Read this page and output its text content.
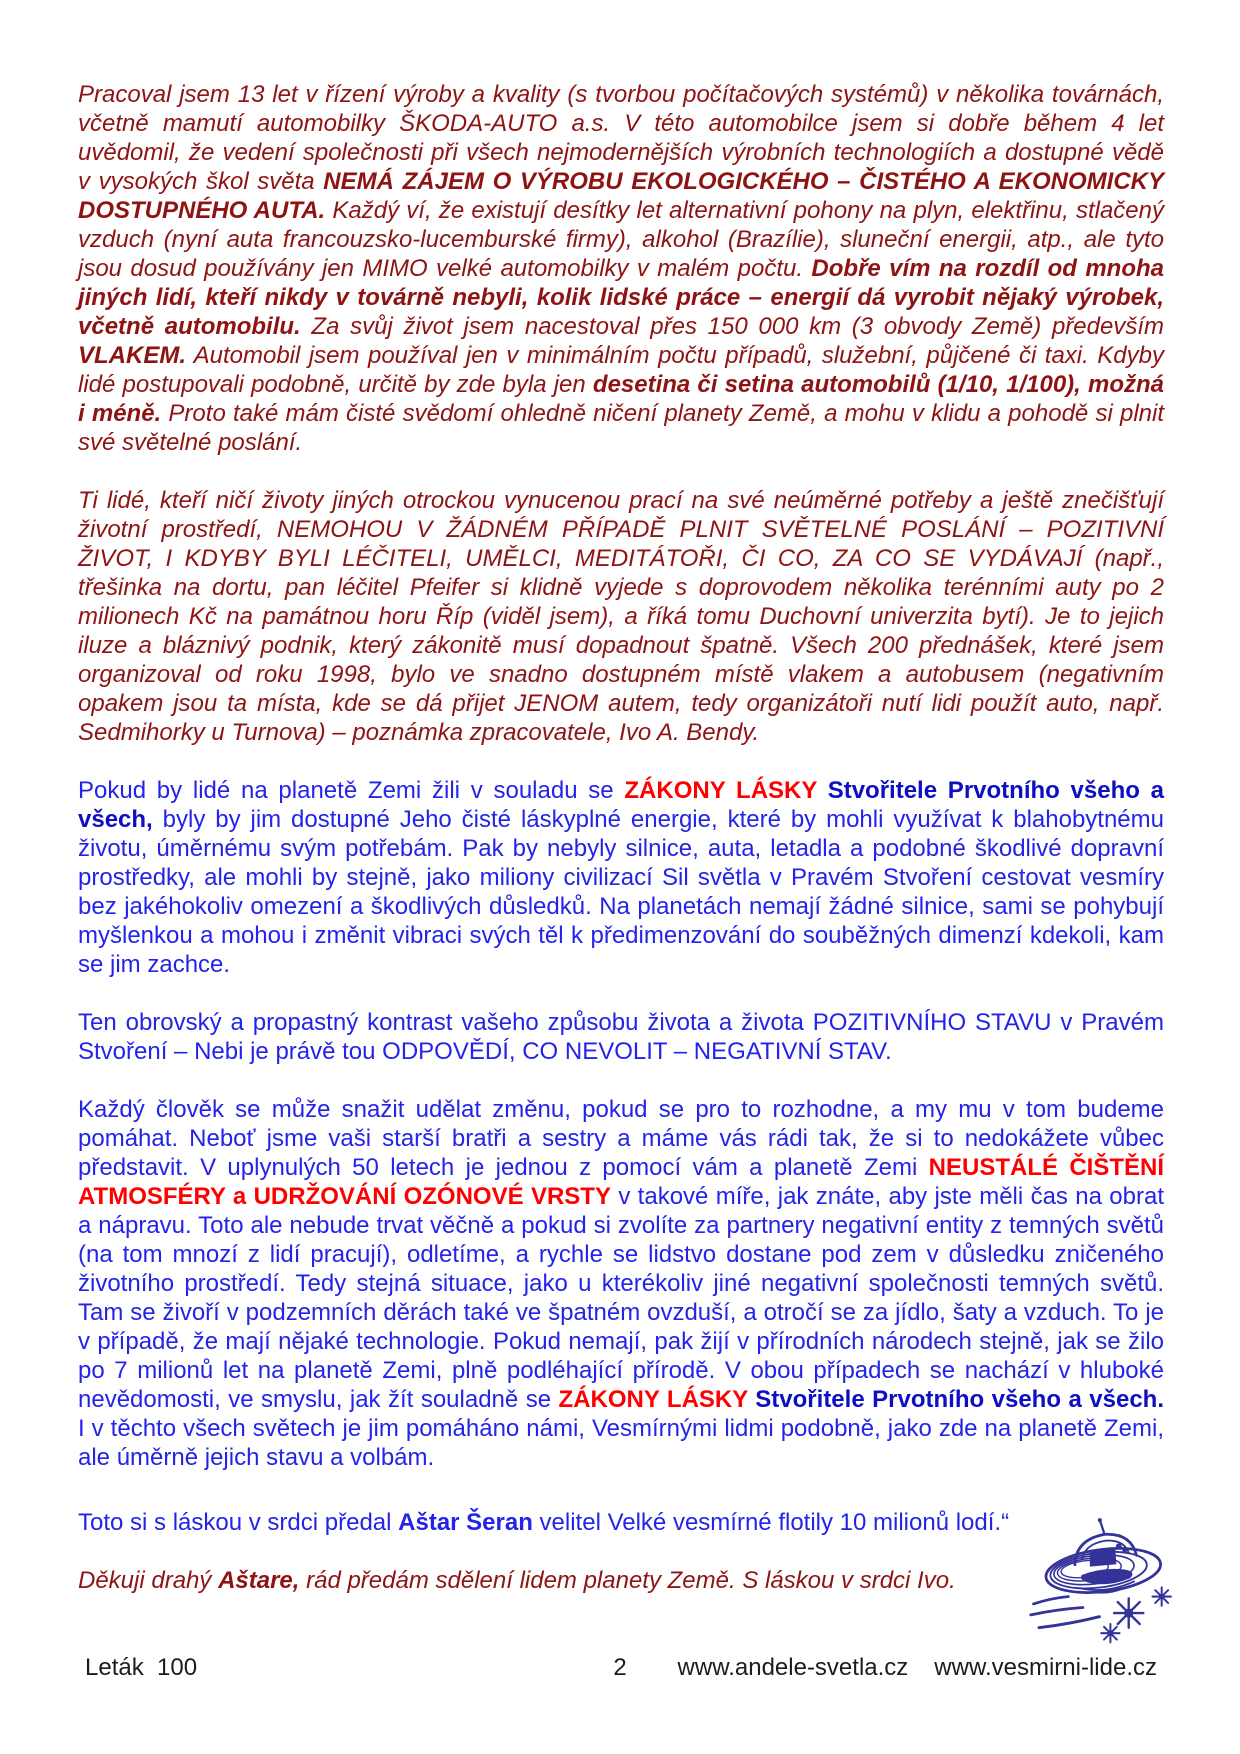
Pracoval jsem 13 let v řízení výroby a kvality (s tvorbou počítačových systémů) v několika továrnách, včetně mamutí automobilky ŠKODA-AUTO a.s. V této automobilce jsem si dobře během 4 let uvědomil, že vedení společnosti při všech nejmodernějších výrobních technologiích a dostupné vědě v vysokých škol světa NEMÁ ZÁJEM O VÝROBU EKOLOGICKÉHO – ČISTÉHO A EKONOMICKY DOSTUPNÉHO AUTA. Každý ví, že existují desítky let alternativní pohony na plyn, elektřinu, stlačený vzduch (nyní auta francouzsko-lucemburské firmy), alkohol (Brazílie), sluneční energii, atp., ale tyto jsou dosud používány jen MIMO velké automobilky v malém počtu. Dobře vím na rozdíl od mnoha jiných lidí, kteří nikdy v továrně nebyli, kolik lidské práce – energií dá vyrobit nějaký výrobek, včetně automobilu. Za svůj život jsem nacestoval přes 150 000 km (3 obvody Země) především VLAKEM. Automobil jsem používal jen v minimálním počtu případů, služební, půjčené či taxi. Kdyby lidé postupovali podobně, určitě by zde byla jen desetina či setina automobilů (1/10, 1/100), možná i méně. Proto také mám čisté svědomí ohledně ničení planety Země, a mohu v klidu a pohodě si plnit své světelné poslání.

Ti lidé, kteří ničí životy jiných otrockou vynucenou prací na své neúměrné potřeby a ještě znečišťují životní prostředí, NEMOHOU V ŽÁDNÉM PŘÍPADĚ PLNIT SVĚTELNÉ POSLÁNÍ – POZITIVNÍ ŽIVOT, I KDYBY BYLI LÉČITELI, UMĚLCI, MEDITÁTOŘI, ČI CO, ZA CO SE VYDÁVAJÍ (např., třešinka na dortu, pan léčitel Pfeifer si klidně vyjede s doprovodem několika terénními auty po 2 milionech Kč na památnou horu Říp (viděl jsem), a říká tomu Duchovní univerzita bytí). Je to jejich iluze a bláznivý podnik, který zákonitě musí dopadnout špatně. Všech 200 přednášek, které jsem organizoval od roku 1998, bylo ve snadno dostupném místě vlakem a autobusem (negativním opakem jsou ta místa, kde se dá přijet JENOM autem, tedy organizátoři nutí lidi použít auto, např. Sedmihorky u Turnova) – poznámka zpracovatele, Ivo A. Bendy.

Pokud by lidé na planetě Zemi žili v souladu se ZÁKONY LÁSKY Stvořitele Prvotního všeho a všech, byly by jim dostupné Jeho čisté láskyplné energie, které by mohli využívat k blahobytnému životu, úměrnému svým potřebám. Pak by nebyly silnice, auta, letadla a podobné škodlivé dopravní prostředky, ale mohli by stejně, jako miliony civilizací Sil světla v Pravém Stvoření cestovat vesmíry bez jakéhokoliv omezení a škodlivých důsledků. Na planetách nemají žádné silnice, sami se pohybují myšlenkou a mohou i změnit vibraci svých těl k předimenzování do souběžných dimenzí kdekoli, kam se jim zachce.

Ten obrovský a propastný kontrast vašeho způsobu života a života POZITIVNÍHO STAVU v Pravém Stvoření – Nebi je právě tou ODPOVĚDÍ, CO NEVOLIT – NEGATIVNÍ STAV.

Každý člověk se může snažit udělat změnu, pokud se pro to rozhodne, a my mu v tom budeme pomáhat. Neboť jsme vaši starší bratři a sestry a máme vás rádi tak, že si to nedokážete vůbec představit. V uplynulých 50 letech je jednou z pomocí vám a planetě Zemi NEUSTÁLÉ ČIŠTĚNÍ ATMOSFÉRY a UDRŽOVÁNÍ OZÓNOVÉ VRSTY v takové míře, jak znáte, aby jste měli čas na obrat a nápravu. Toto ale nebude trvat věčně a pokud si zvolíte za partnery negativní entity z temných světů (na tom mnozí z lidí pracují), odletíme, a rychle se lidstvo dostane pod zem v důsledku zničeného životního prostředí. Tedy stejná situace, jako u kterékoliv jiné negativní společnosti temných světů. Tam se živoří v podzemních děrách také ve špatném ovzduší, a otročí se za jídlo, šaty a vzduch. To je v případě, že mají nějaké technologie. Pokud nemají, pak žijí v přírodních národech stejně, jak se žilo po 7 milionů let na planetě Zemi, plně podléhající přírodě. V obou případech se nachází v hluboké nevědomosti, ve smyslu, jak žít souladně se ZÁKONY LÁSKY Stvořitele Prvotního všeho a všech. I v těchto všech světech je jim pomáháno námi, Vesmírnými lidmi podobně, jako zde na planetě Zemi, ale úměrně jejich stavu a volbám.

Toto si s láskou v srdci předal Aštar Šeran velitel Velké vesmírné flotily 10 milionů lodí.“

Děkuji drahý Aštare, rád předám sdělení lidem planety Země. S láskou v srdci Ivo.

Leták  100	2	www.andele-svetla.cz www.vesmirni-lide.cz
